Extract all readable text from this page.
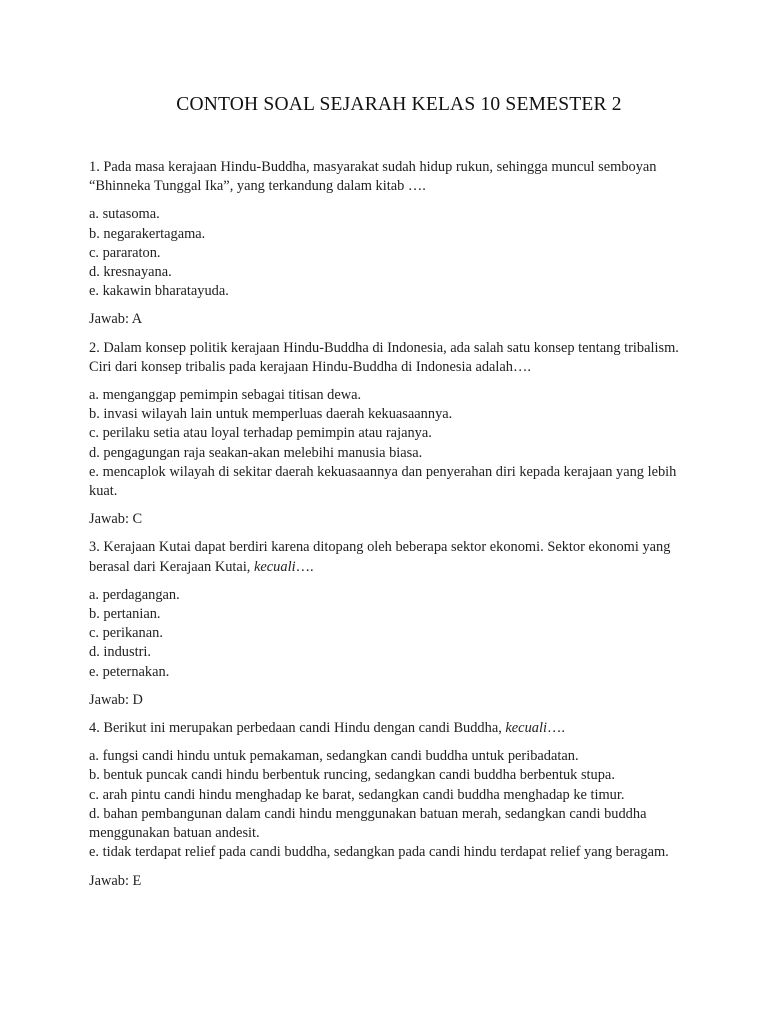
CONTOH SOAL SEJARAH KELAS 10 SEMESTER 2

1. Pada masa kerajaan Hindu-Buddha, masyarakat sudah hidup rukun, sehingga muncul semboyan “Bhinneka Tunggal Ika”, yang terkandung dalam kitab ….

a. sutasoma.
b. negarakertagama.
c. pararaton.
d. kresnayana.
e. kakawin bharatayuda.

Jawab: A

2. Dalam konsep politik kerajaan Hindu-Buddha di Indonesia, ada salah satu konsep tentang tribalism. Ciri dari konsep tribalis pada kerajaan Hindu-Buddha di Indonesia adalah….

a. menganggap pemimpin sebagai titisan dewa.
b. invasi wilayah lain untuk memperluas daerah kekuasaannya.
c. perilaku setia atau loyal terhadap pemimpin atau rajanya.
d. pengagungan raja seakan-akan melebihi manusia biasa.
e. mencaplok wilayah di sekitar daerah kekuasaannya dan penyerahan diri kepada kerajaan yang lebih kuat.

Jawab: C

3. Kerajaan Kutai dapat berdiri karena ditopang oleh beberapa sektor ekonomi. Sektor ekonomi yang berasal dari Kerajaan Kutai, kecuali….

a. perdagangan.
b. pertanian.
c. perikanan.
d. industri.
e. peternakan.

Jawab: D

4. Berikut ini merupakan perbedaan candi Hindu dengan candi Buddha, kecuali….

a. fungsi candi hindu untuk pemakaman, sedangkan candi buddha untuk peribadatan.
b. bentuk puncak candi hindu berbentuk runcing, sedangkan candi buddha berbentuk stupa.
c. arah pintu candi hindu menghadap ke barat, sedangkan candi buddha menghadap ke timur.
d. bahan pembangunan dalam candi hindu menggunakan batuan merah, sedangkan candi buddha menggunakan batuan andesit.
e. tidak terdapat relief pada candi buddha, sedangkan pada candi hindu terdapat relief yang beragam.

Jawab: E
